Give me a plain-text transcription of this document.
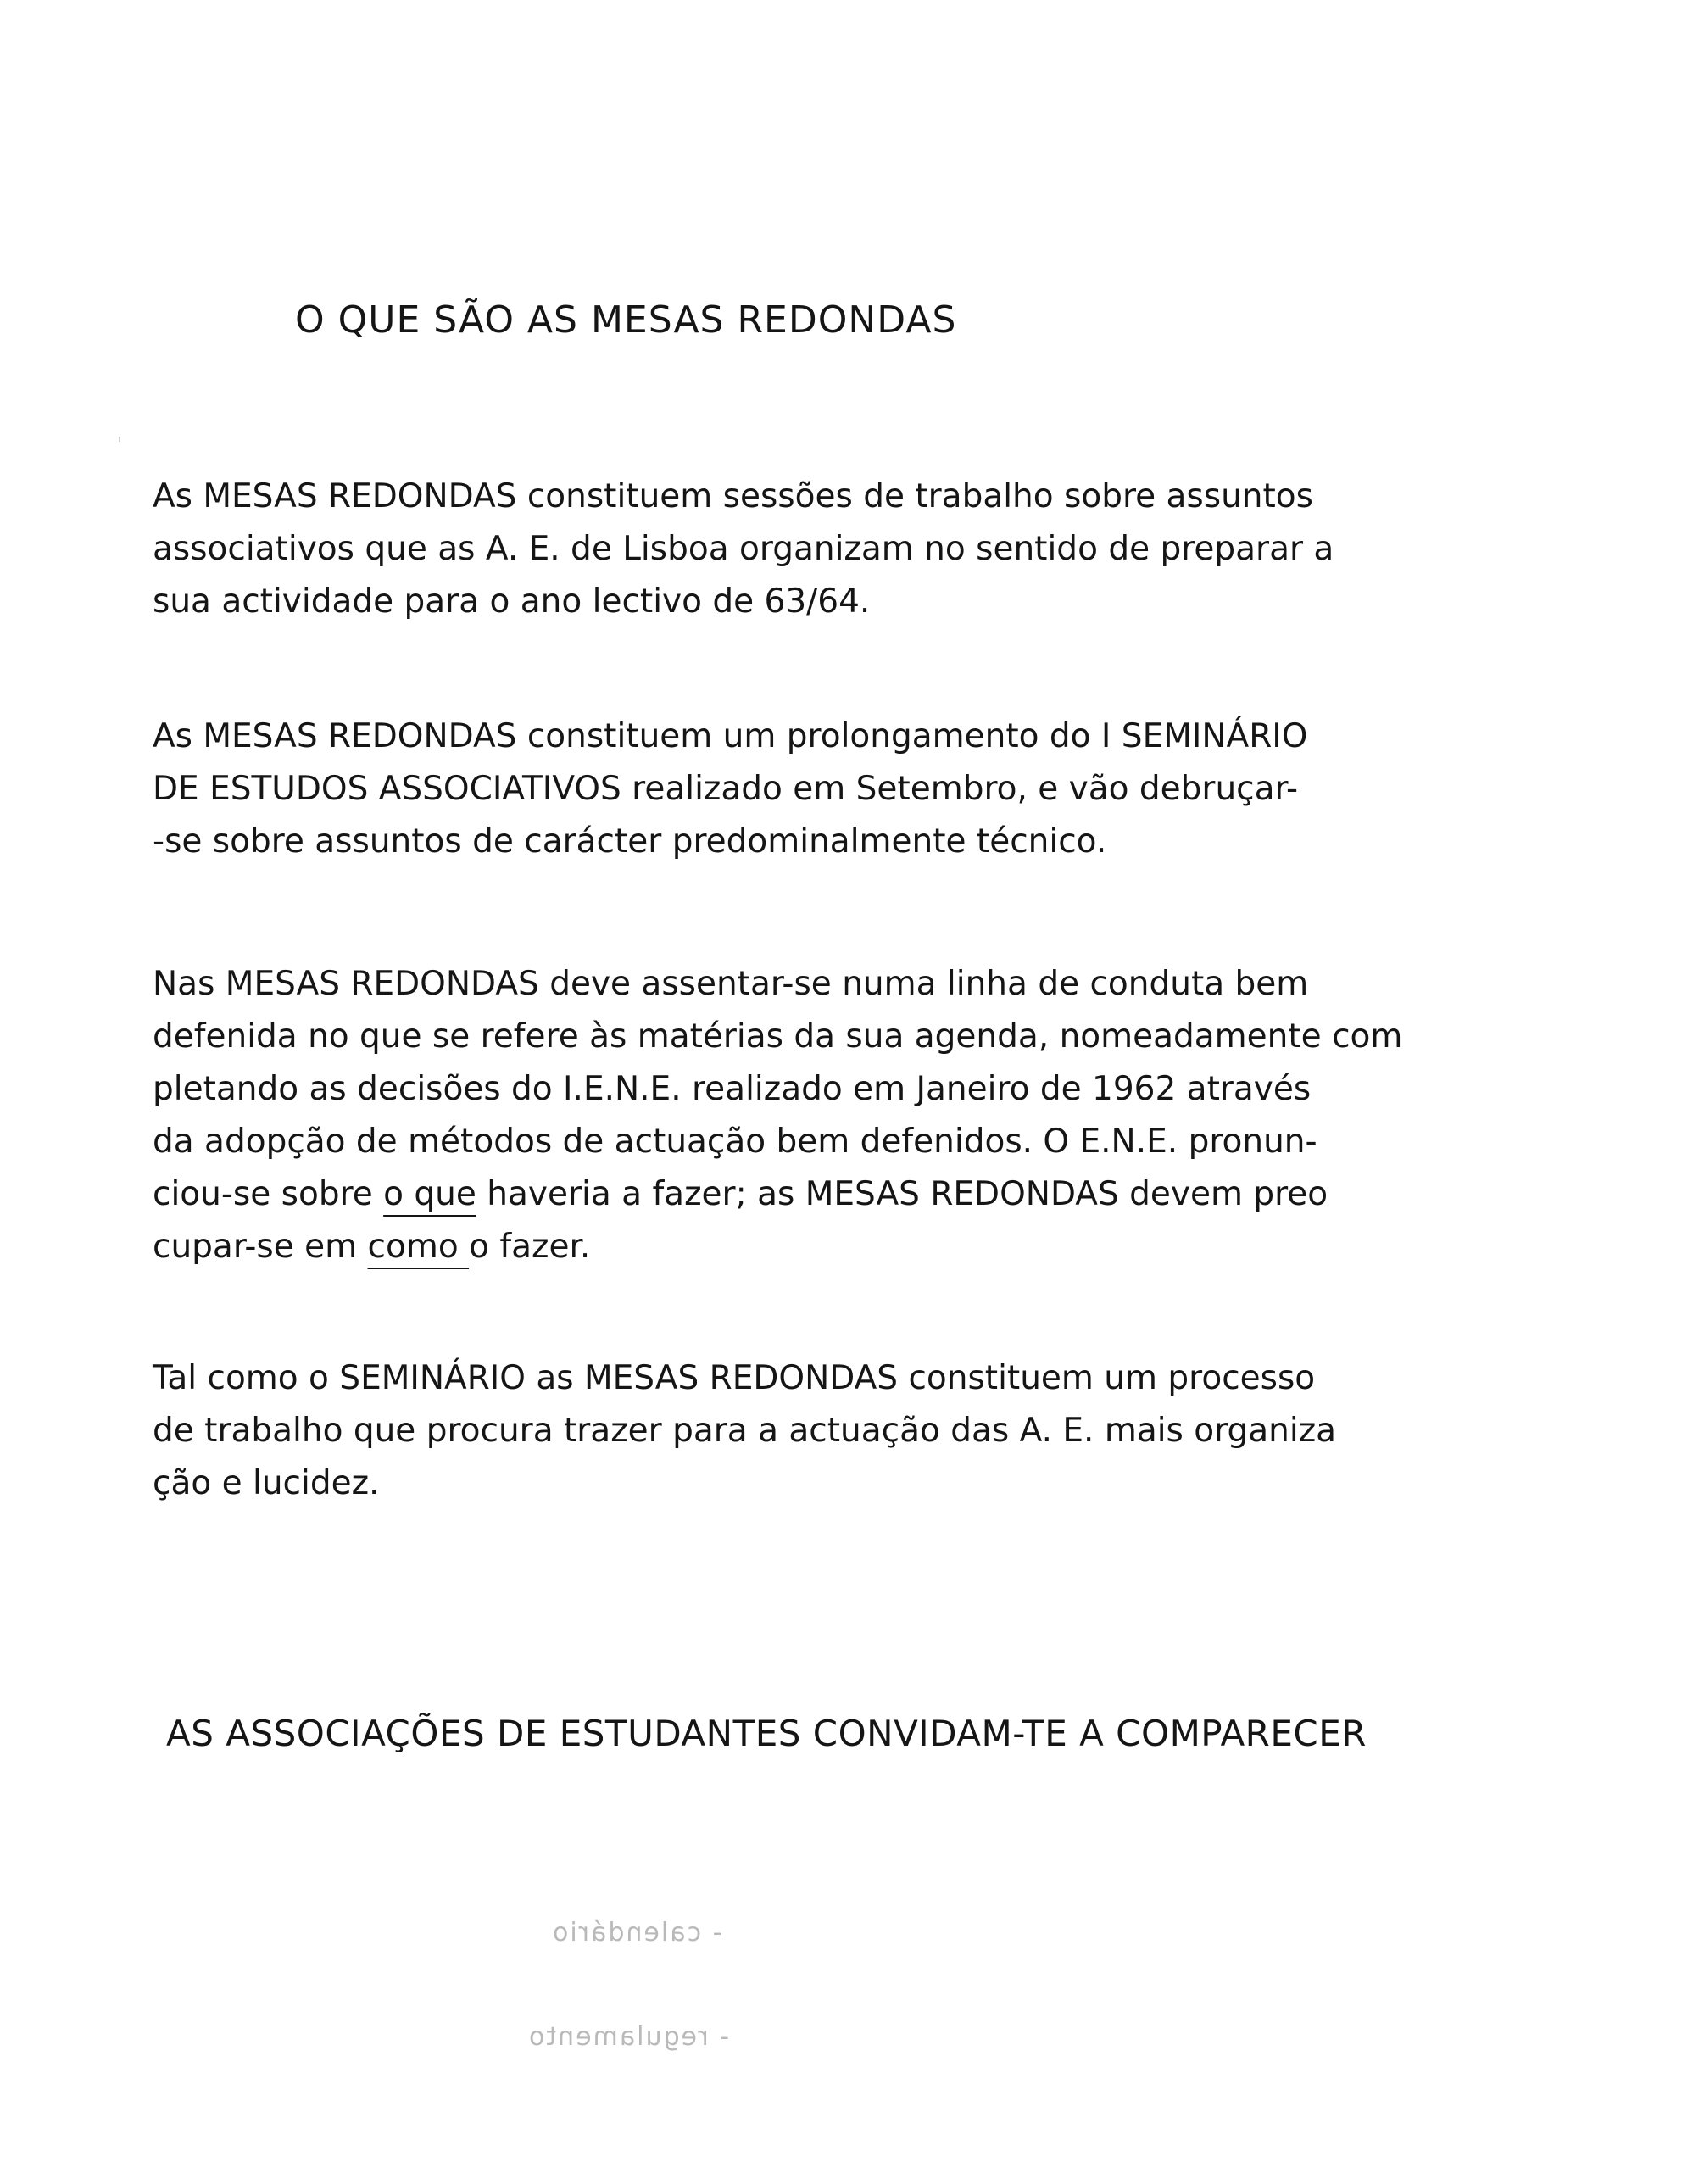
O QUE SÃO AS MESAS REDONDAS

As MESAS REDONDAS constituem sessões de trabalho sobre assuntos
associativos que as A. E. de Lisboa organizam no sentido de preparar a
sua actividade para o ano lectivo de 63/64.

As MESAS REDONDAS constituem um prolongamento do I SEMINÁRIO
DE ESTUDOS ASSOCIATIVOS realizado em Setembro, e vão debruçar-
-se sobre assuntos de carácter predominalmente técnico.

Nas MESAS REDONDAS deve assentar-se numa linha de conduta bem
defenida no que se refere às matérias da sua agenda, nomeadamente com
pletando as decisões do I.E.N.E. realizado em Janeiro de 1962 através
da adopção de métodos de actuação bem defenidos. O E.N.E. pronun-
ciou-se sobre o que haveria a fazer; as MESAS REDONDAS devem preo
cupar-se em como o fazer.

Tal como o SEMINÁRIO as MESAS REDONDAS constituem um processo
de trabalho que procura trazer para a actuação das A. E. mais organiza
ção e lucidez.

AS ASSOCIAÇÕES DE ESTUDANTES CONVIDAM-TE A COMPARECER
- calendário
- regulamento
